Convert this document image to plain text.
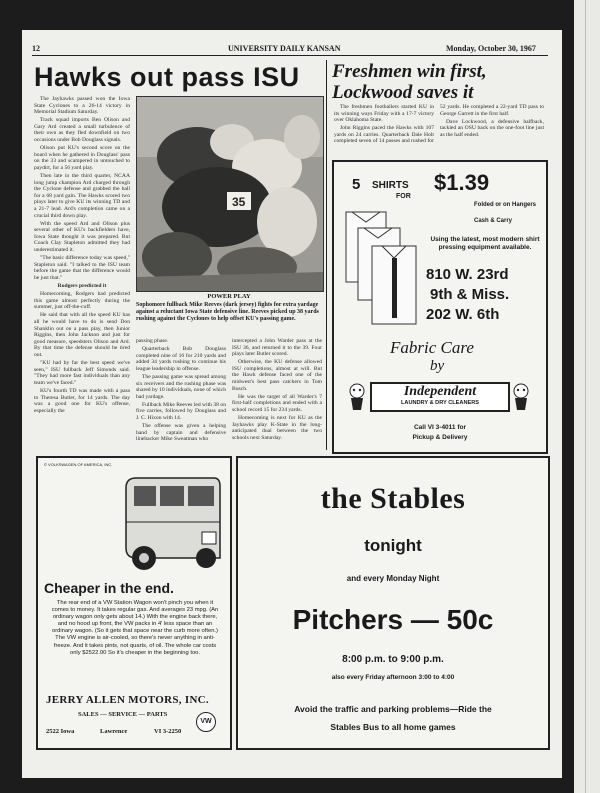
12	UNIVERSITY DAILY KANSAN	Monday, October 30, 1967
Hawks out pass ISU

The Jayhawks passed won the Iowa State Cyclones to a 26-14 victory in Memorial Stadium Saturday.

Track squad imports Ben Olison and Gary Ard created a small turbulence of their own as they fled downfield on two occasions under Bob Douglass signals.

Olison put KU's second score on the board when he gathered in Douglass' pass on the 33 and scampered in untouched to paydirt, for a 56 yard play.

Then late in the third quarter, NCAA long jump champion Ard charged through the Cyclone defense and grabbed the ball for a 68 yard gain. The Hawks scored two plays later to give KU its winning TD and a 21-7 lead. Ard's completion came on a crucial third down play.

With the speed Ard and Olison plus several other of KU's backfielders have, Iowa State thought it was prepared. But Coach Clay Stapleton admitted they had underestimated it.

"The basic difference today was speed," Stapleton said. "I talked to the ISU team before the game that the difference would be just that."

Rodgers predicted it

Homecoming, Rodgers had predicted this game almost perfectly during the summer, just off-the-cuff.

He said that with all the speed KU has all he would have to do is send Don Shanklin out on a pass play, then Junior Riggins, then John Jackson and just for good measure, speedsters Olison and Ard. By that time the defense should be tired out.

"KU had by far the best speed we've seen," ISU fullback Jeff Simonds said. "They had more fast individuals than any team we've faced."

KU's fourth TD was made with a pass to Theresa Butler, for 14 yards. The day was a good one for KU's offense, especially the

35
POWER PLAY
Sophomore fullback Mike Reeves (dark jersey) fights for extra yardage against a reluctant Iowa State defensive line. Reeves picked up 38 yards rushing against the Cyclones to help offset KU's passing game.

passing phase.

Quarterback Bob Douglass completed nine of 16 for 210 yards and added 34 yards rushing to continue his league leadership in offense.

The passing game was spread among six receivers and the rushing phase was shared by 10 individuals, none of which had yardage.

Fullback Mike Reeves led with 38 on five carries, followed by Douglass and J. C. Hixon with 14.

The offense was given a helping hand by captain and defensive linebacker Mike Sweatman who

intercepted a John Warder pass at the ISU 36, and returned it to the 39. Four plays later Butler scored.

Otherwise, the KU defense allowed ISU completions, almost at will. But the Hawk defense faced one of the midwest's best pass catchers in Tom Busch.

He was the target of all Warder's 7 first-half completions and ended with a school record 15 for 234 yards.

Homecoming is next for KU as the Jayhawks play K-State in the long-anticipated dual between the two schools next Saturday.

Freshmen win first,
Lockwood saves it

The freshmen footballers started KU in its winning ways Friday with a 17-7 victory over Oklahoma State.

John Riggins paced the Hawks with 107 yards on 24 carries. Quarterback Dale Holt completed seven of 14 passes and rushed for

52 yards. He completed a 22-yard TD pass to George Garrett in the first half.

Dave Lockwood, a defensive halfback, tackled an OSU back on the one-foot line just as the half ended.

5 SHIRTS
FOR
$1.39
Folded or on Hangers
Cash & Carry
Using the latest, most modern shirt pressing equipment available.
810 W. 23rd
9th & Miss.
202 W. 6th
Fabric Care
by
Independent
LAUNDRY & DRY CLEANERS
Call VI 3-4011 for
Pickup & Delivery
© VOLKSWAGEN OF AMERICA, INC.
Cheaper in the end.
The rear end of a VW Station Wagon won't pinch you when it comes to money. It takes regular gas. And averages 23 mpg. (An ordinary wagon only gets about 14.) With the engine back there, and no hood up front, the VW packs in 4' less space than an ordinary wagon. (So it gets that space near the curb more often.) The VW engine is air-cooled, so there's never anything in anti-freeze. And it takes pints, not quarts, of oil. The whole car costs only $2522.00 So it's cheaper in the beginning too.
JERRY ALLEN MOTORS, INC.
SALES — SERVICE — PARTS
2522 Iowa	Lawrence	VI 3-2250
VW
the Stables
tonight
and every Monday Night
Pitchers — 50c
8:00 p.m. to 9:00 p.m.
also every Friday afternoon 3:00 to 4:00
Avoid the traffic and parking problems—Ride the
Stables Bus to all home games
